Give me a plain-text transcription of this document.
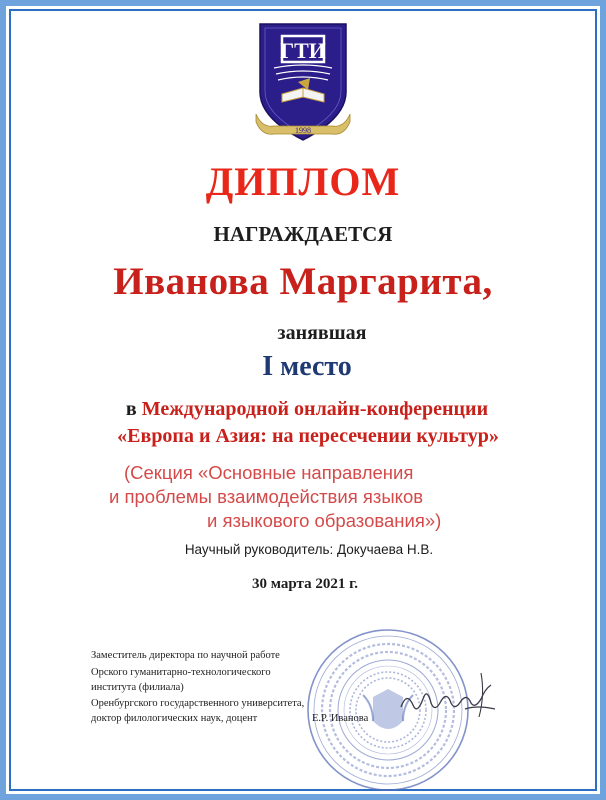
ГТИ
1998
ДИПЛОМ
НАГРАЖДАЕТСЯ
Иванова Маргарита,
занявшая
I место
в Международной онлайн-конференции
«Европа и Азия: на пересечении культур»
(Секция «Основные направления
и проблемы взаимодействия языков
и языкового образования»)
Научный руководитель: Докучаева Н.В.
30 марта 2021 г.
Заместитель директора по научной работе
Орского гуманитарно-технологического
института (филиала)
Оренбургского государственного университета,
доктор филологических наук, доцент	Е.Р. Иванова
